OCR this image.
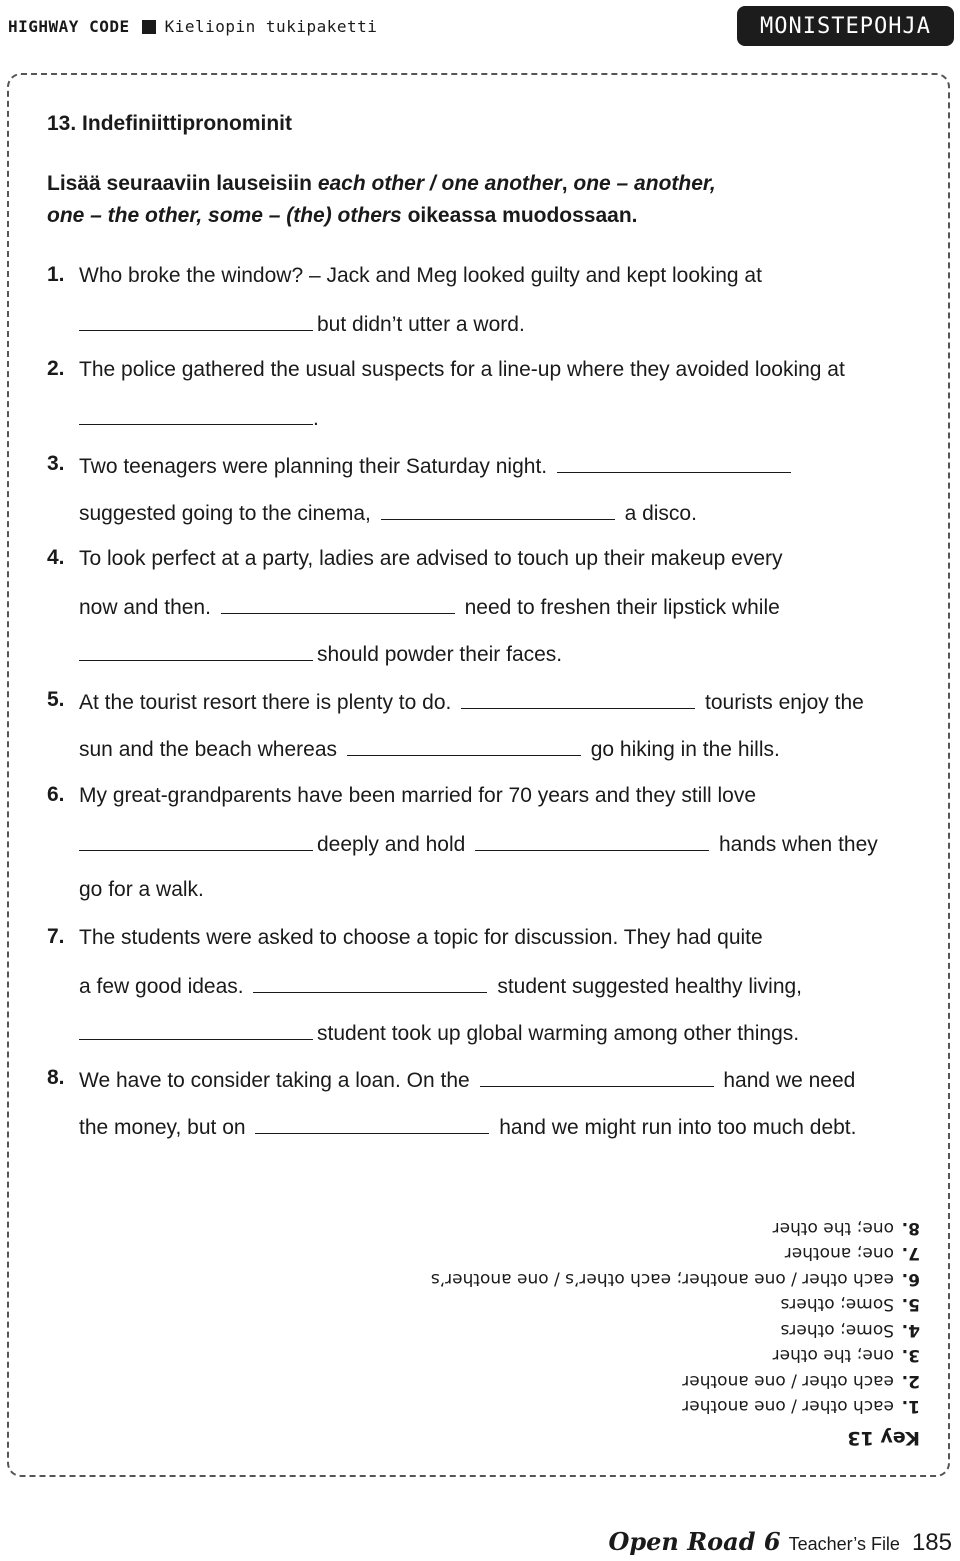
HIGHWAY CODE Kieliopin tukipaketti	MONISTEPOHJA
13. Indefiniittipronominit
Lisää seuraaviin lauseisiin each other / one another, one – another,
one – the other, some – (the) others oikeassa muodossaan.
1. Who broke the window? – Jack and Meg looked guilty and kept looking at
but didn’t utter a word.
2. The police gathered the usual suspects for a line-up where they avoided looking at
.
3. Two teenagers were planning their Saturday night.
suggested going to the cinema,	a disco.
4. To look perfect at a party, ladies are advised to touch up their makeup every
now and then.	need to freshen their lipstick while
should powder their faces.
5. At the tourist resort there is plenty to do.	tourists enjoy the
sun and the beach whereas	go hiking in the hills.
6. My great-grandparents have been married for 70 years and they still love
deeply and hold	hands when they
go for a walk.
7. The students were asked to choose a topic for discussion. They had quite
a few good ideas.	student suggested healthy living,
student took up global warming among other things.
8. We have to consider taking a loan. On the	hand we need
the money, but on	hand we might run into too much debt.
Key 13
1.
each other / one another
2.
each other / one another
3.
one; the other
4.
Some; others
5.
Some; others
6.
each other / one another; each other’s / one another’s
7.
one; another
8.
one; the other
Open Road 6 Teacher’s File 185
